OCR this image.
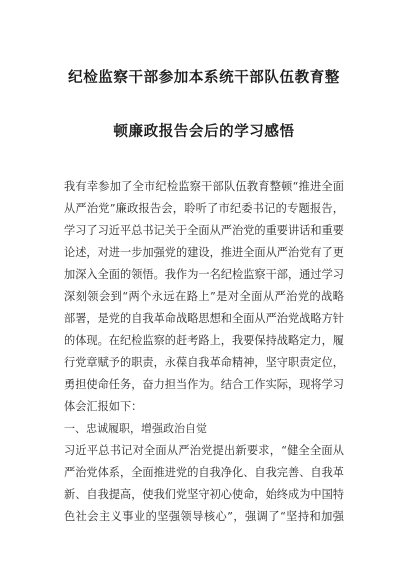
纪检监察干部参加本系统干部队伍教育整
顿廉政报告会后的学习感悟
我有幸参加了全市纪检监察干部队伍教育整顿“推进全面
从严治党”廉政报告会，聆听了市纪委书记的专题报告，
学习了习近平总书记关于全面从严治党的重要讲话和重要
论述，对进一步加强党的建设，推进全面从严治党有了更
加深入全面的领悟。我作为一名纪检监察干部，通过学习
深刻领会到“两个永远在路上”是对全面从严治党的战略
部署，是党的自我革命战略思想和全面从严治党战略方针
的体现。在纪检监察的赶考路上，我要保持战略定力，履
行党章赋予的职责，永葆自我革命精神，坚守职责定位，
勇担使命任务，奋力担当作为。结合工作实际，现将学习
体会汇报如下：
一、忠诚履职，增强政治自觉
习近平总书记对全面从严治党提出新要求，“健全全面从
严治党体系，全面推进党的自我净化、自我完善、自我革
新、自我提高，使我们党坚守初心使命，始终成为中国特
色社会主义事业的坚强领导核心”，强调了“坚持和加强
